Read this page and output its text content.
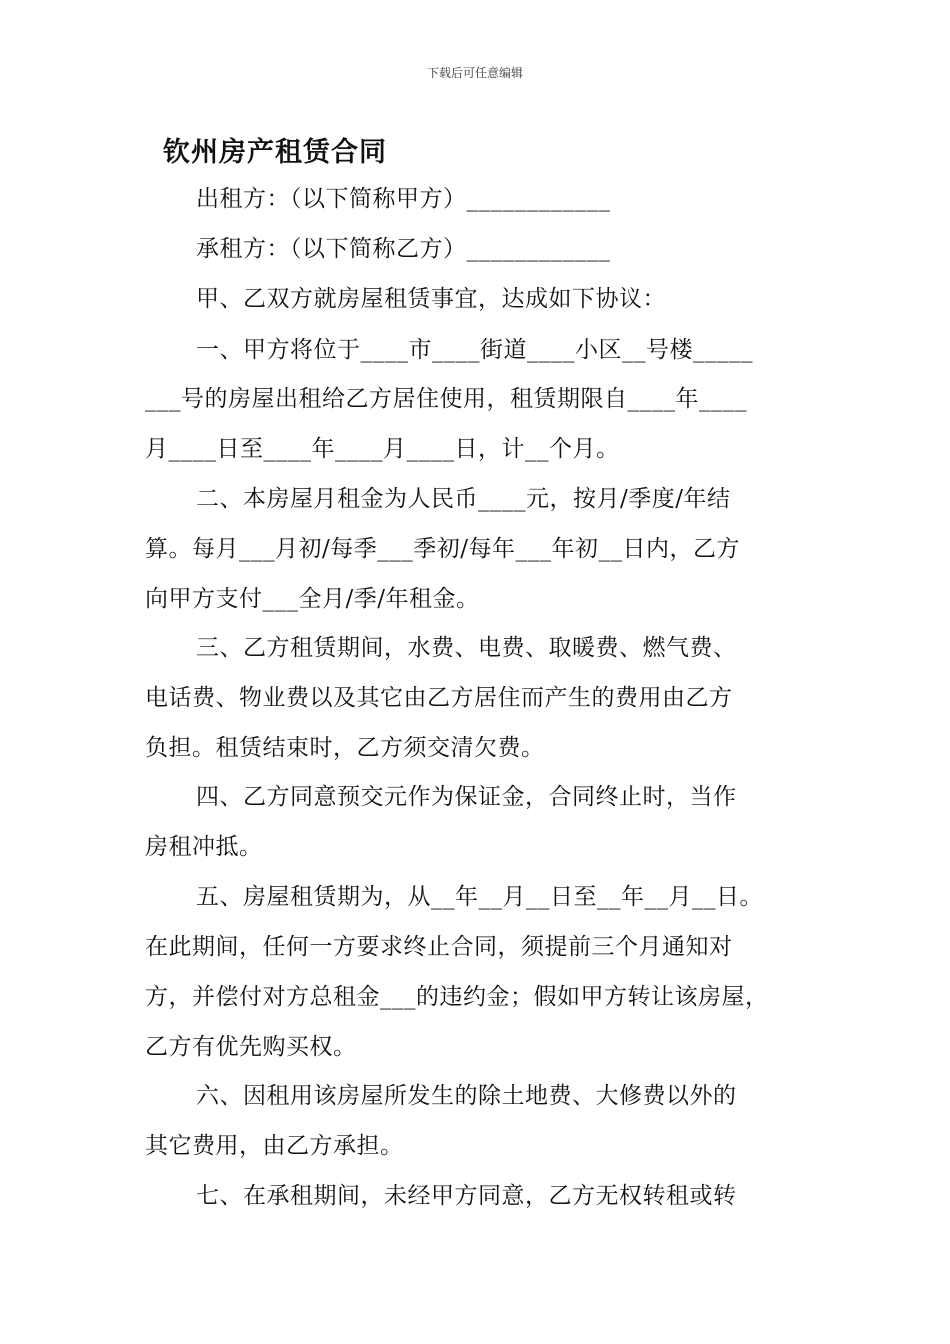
下载后可任意编辑
钦州房产租赁合同
出租方：（以下简称甲方）____________
承租方：（以下简称乙方）____________
甲、乙双方就房屋租赁事宜，达成如下协议：
一、甲方将位于____市____街道____小区__号楼_____
___号的房屋出租给乙方居住使用，租赁期限自____年____
月____日至____年____月____日，计__个月。
二、本房屋月租金为人民币____元，按月/季度/年结
算。每月___月初/每季___季初/每年___年初__日内，乙方
向甲方支付___全月/季/年租金。
三、乙方租赁期间，水费、电费、取暖费、燃气费、
电话费、物业费以及其它由乙方居住而产生的费用由乙方
负担。租赁结束时，乙方须交清欠费。
四、乙方同意预交元作为保证金，合同终止时，当作
房租冲抵。
五、房屋租赁期为，从__年__月__日至__年__月__日。
在此期间，任何一方要求终止合同，须提前三个月通知对
方，并偿付对方总租金___的违约金；假如甲方转让该房屋，
乙方有优先购买权。
六、因租用该房屋所发生的除土地费、大修费以外的
其它费用，由乙方承担。
七、在承租期间，未经甲方同意，乙方无权转租或转
